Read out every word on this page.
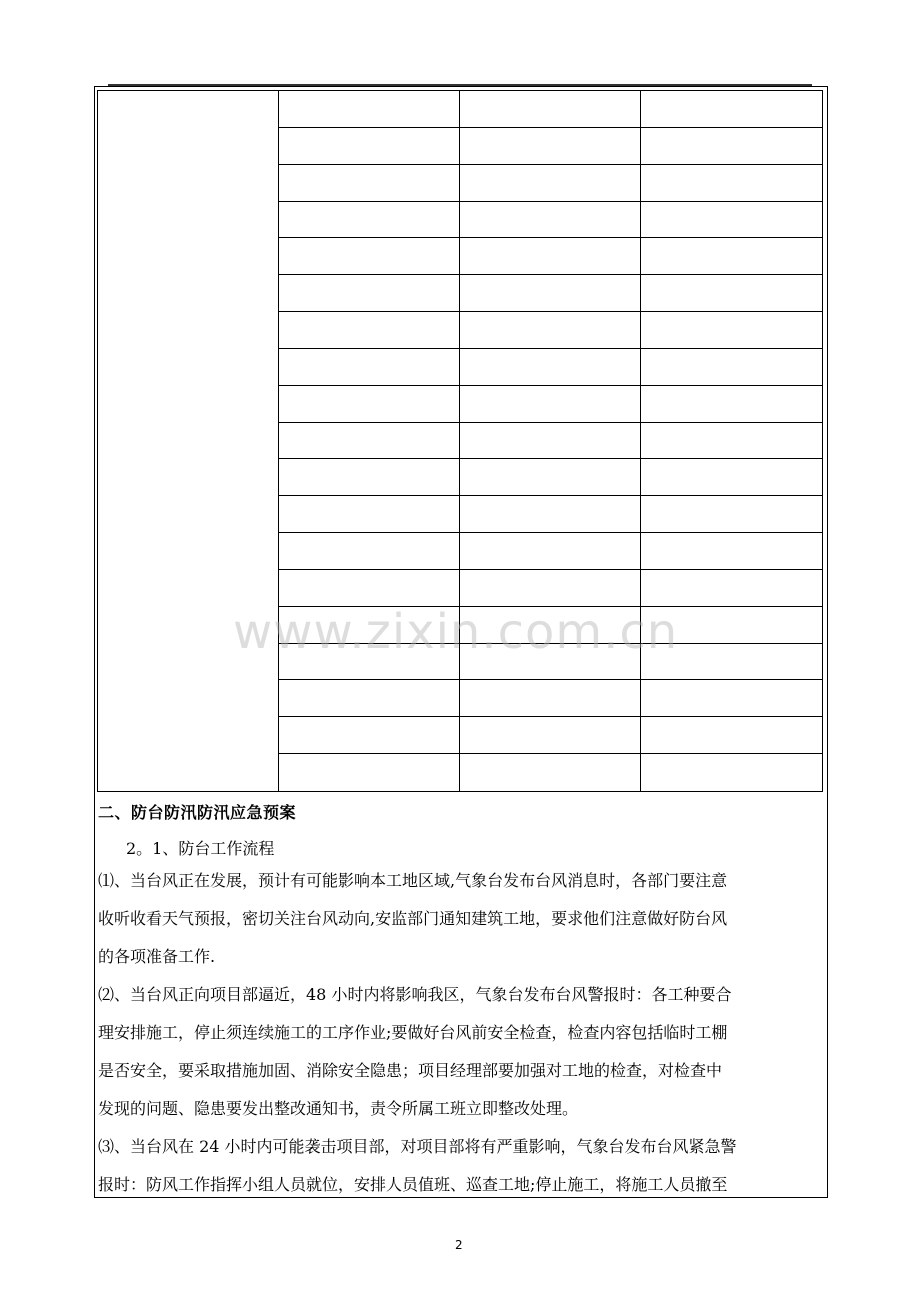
二、防台防汛防汛应急预案
2。1、防台工作流程
⑴、当台风正在发展，预计有可能影响本工地区域,气象台发布台风消息时，各部门要注意
收听收看天气预报，密切关注台风动向,安监部门通知建筑工地，要求他们注意做好防台风
的各项准备工作.
⑵、当台风正向项目部逼近，48 小时内将影响我区，气象台发布台风警报时：各工种要合
理安排施工，停止须连续施工的工序作业;要做好台风前安全检查，检查内容包括临时工棚
是否安全，要采取措施加固、消除安全隐患；项目经理部要加强对工地的检查，对检查中
发现的问题、隐患要发出整改通知书，责令所属工班立即整改处理。
⑶、当台风在 24 小时内可能袭击项目部，对项目部将有严重影响，气象台发布台风紧急警
报时：防风工作指挥小组人员就位，安排人员值班、巡查工地;停止施工，将施工人员撤至
www.zixin.com.cn
2
